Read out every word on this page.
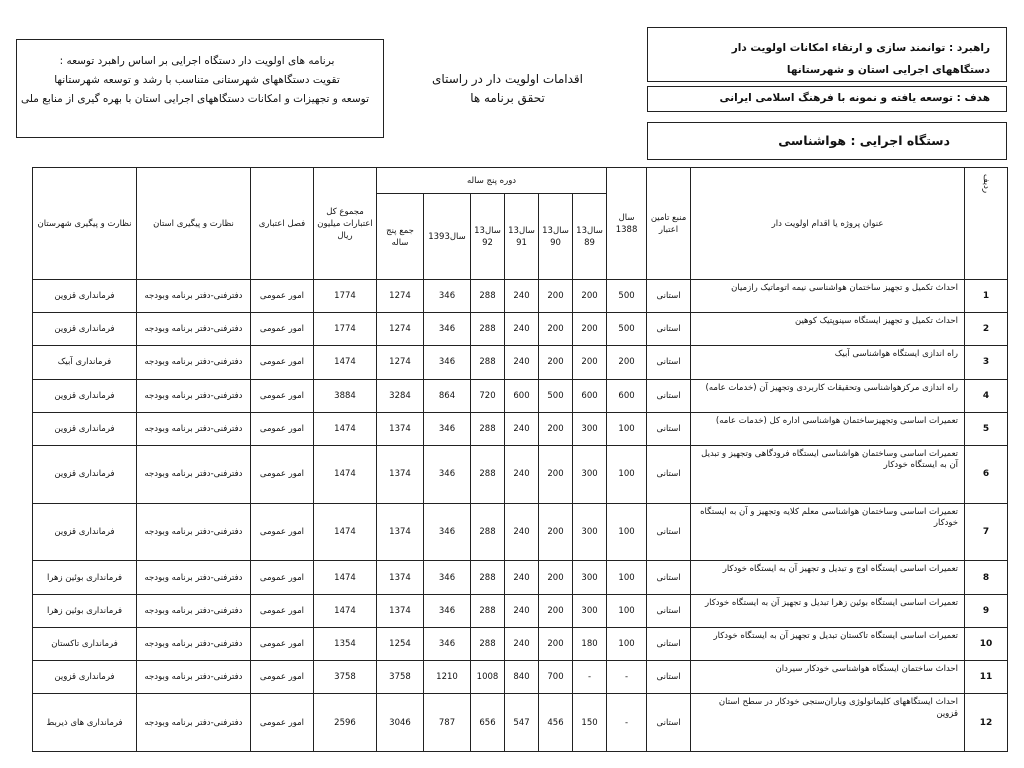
برنامه های اولویت دار دستگاه اجرایی بر اساس راهبرد توسعه :
تقویت دستگاههای شهرستانی متناسب با رشد و توسعه شهرستانها
توسعه و تجهیزات و امکانات دستگاههای اجرایی استان با بهره گیری از منابع ملی
اقدامات اولویت دار در راستای
تحقق برنامه ها
راهبرد : توانمند سازی و ارتقاء امکانات اولویت دار
دستگاههای اجرایی استان و شهرستانها
هدف : توسعه یافته و نمونه با فرهنگ اسلامی ایرانی
دستگاه اجرایی : هواشناسی
نظارت و پیگیری شهرستان	نظارت و پیگیری استان	فصل اعتباری	مجموع کل اعتبارات میلیون ریال	دوره پنج ساله						سال 1388	منبع تامین اعتبار	عنوان پروژه یا اقدام اولویت دار	ردیف
				جمع پنج ساله	سال1393	سال13 92	سال13 91	سال13 90	سال13 89				
فرمانداری قزوین	دفترفنی-دفتر برنامه وبودجه	امور عمومی	1774	1274	346	288	240	200	200	500	استانی	احداث تکمیل و تجهیز ساختمان هواشناسی نیمه اتوماتیک رازمیان	1
فرمانداری قزوین	دفترفنی-دفتر برنامه وبودجه	امور عمومی	1774	1274	346	288	240	200	200	500	استانی	احداث تکمیل و تجهیز ایستگاه سینوپتیک کوهین	2
فرمانداری آبیک	دفترفنی-دفتر برنامه وبودجه	امور عمومی	1474	1274	346	288	240	200	200	200	استانی	راه اندازی ایستگاه هواشناسی آبیک	3
فرمانداری قزوین	دفترفنی-دفتر برنامه وبودجه	امور عمومی	3884	3284	864	720	600	500	600	600	استانی	راه اندازی مرکزهواشناسی وتحقیقات کاربردی وتجهیز آن (خدمات عامه)	4
فرمانداری قزوین	دفترفنی-دفتر برنامه وبودجه	امور عمومی	1474	1374	346	288	240	200	300	100	استانی	تعمیرات اساسی وتجهیزساختمان هواشناسی اداره کل (خدمات عامه)	5
فرمانداری قزوین	دفترفنی-دفتر برنامه وبودجه	امور عمومی	1474	1374	346	288	240	200	300	100	استانی	تعمیرات اساسی وساختمان هواشناسی ایستگاه فرودگاهی وتجهیز و تبدیل آن به ایستگاه خودکار	6
فرمانداری قزوین	دفترفنی-دفتر برنامه وبودجه	امور عمومی	1474	1374	346	288	240	200	300	100	استانی	تعمیرات اساسی وساختمان هواشناسی معلم کلایه وتجهیز و آن به ایستگاه خودکار	7
فرمانداری بوئین زهرا	دفترفنی-دفتر برنامه وبودجه	امور عمومی	1474	1374	346	288	240	200	300	100	استانی	تعمیرات اساسی ایستگاه اوج و تبدیل و تجهیز آن به ایستگاه خودکار	8
فرمانداری بوئین زهرا	دفترفنی-دفتر برنامه وبودجه	امور عمومی	1474	1374	346	288	240	200	300	100	استانی	تعمیرات اساسی ایستگاه بوئین زهرا تبدیل و تجهیز آن به ایستگاه خودکار	9
فرمانداری تاکستان	دفترفنی-دفتر برنامه وبودجه	امور عمومی	1354	1254	346	288	240	200	180	100	استانی	تعمیرات اساسی ایستگاه تاکستان تبدیل و تجهیز آن به ایستگاه خودکار	10
فرمانداری قزوین	دفترفنی-دفتر برنامه وبودجه	امور عمومی	3758	3758	1210	1008	840	700	-	-	استانی	احداث ساختمان ایستگاه هواشناسی خودکار سیردان	11
فرمانداری های ذیربط	دفترفنی-دفتر برنامه وبودجه	امور عمومی	2596	3046	787	656	547	456	150	-	استانی	احداث ایستگاههای کلیماتولوژی وباران‌سنجی خودکار در سطح استان قزوین	12
